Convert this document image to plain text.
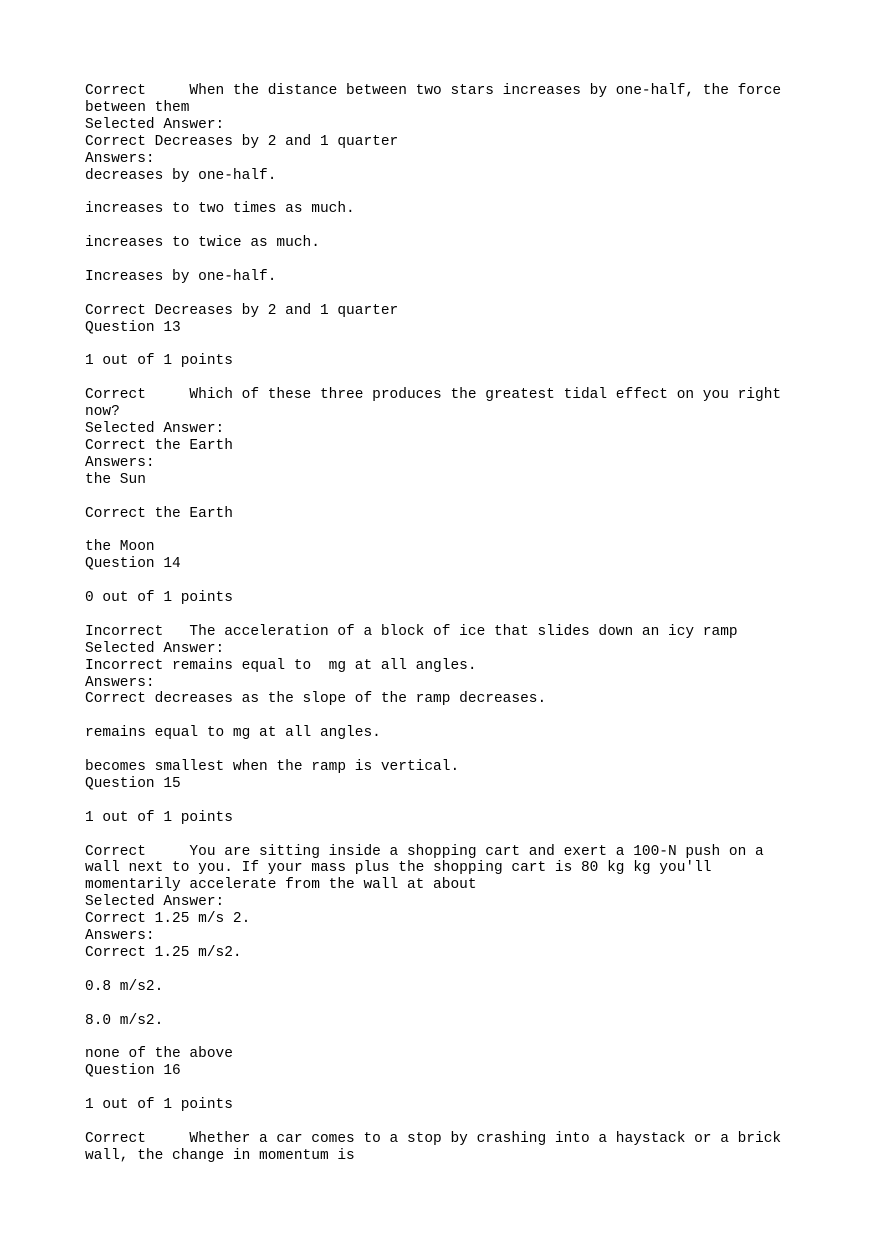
Correct     When the distance between two stars increases by one-half, the force
between them
Selected Answer:
Correct Decreases by 2 and 1 quarter
Answers:
decreases by one-half.
increases to two times as much.
increases to twice as much.
Increases by one-half.
Correct Decreases by 2 and 1 quarter
Question 13
1 out of 1 points
Correct     Which of these three produces the greatest tidal effect on you right
now?
Selected Answer:
Correct the Earth
Answers:
the Sun
Correct the Earth
the Moon
Question 14
0 out of 1 points
Incorrect   The acceleration of a block of ice that slides down an icy ramp
Selected Answer:
Incorrect remains equal to  mg at all angles.
Answers:
Correct decreases as the slope of the ramp decreases.
remains equal to mg at all angles.
becomes smallest when the ramp is vertical.
Question 15
1 out of 1 points
Correct     You are sitting inside a shopping cart and exert a 100-N push on a
wall next to you. If your mass plus the shopping cart is 80 kg kg you'll
momentarily accelerate from the wall at about
Selected Answer:
Correct 1.25 m/s 2.
Answers:
Correct 1.25 m/s2.
0.8 m/s2.
8.0 m/s2.
none of the above
Question 16
1 out of 1 points
Correct     Whether a car comes to a stop by crashing into a haystack or a brick
wall, the change in momentum is
